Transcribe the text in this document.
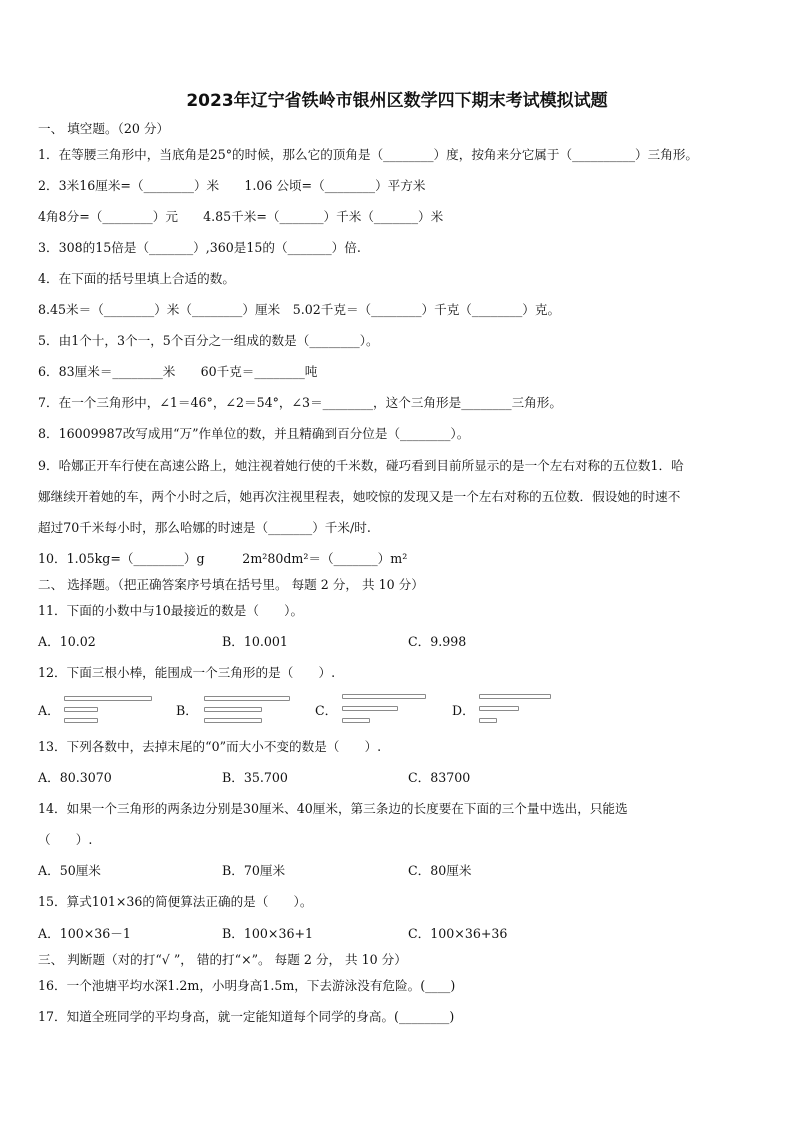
2023年辽宁省铁岭市银州区数学四下期末考试模拟试题
一、 填空题。（20 分）
1．在等腰三角形中，当底角是25°的时候，那么它的顶角是（________）度，按角来分它属于（__________）三角形。
2．3米16厘米=（________）米　　1.06 公顷=（________）平方米
4角8分=（________）元　　4.85千米=（_______）千米（_______）米
3．308的15倍是（_______）,360是15的（_______）倍.
4．在下面的括号里填上合适的数。
8.45米＝（________）米（________）厘米　5.02千克＝（________）千克（________）克。
5．由1个十，3个一，5个百分之一组成的数是（________）。
6．83厘米＝________米　　60千克＝________吨
7．在一个三角形中，∠1＝46°，∠2＝54°，∠3＝________，这个三角形是________三角形。
8．16009987改写成用“万”作单位的数，并且精确到百分位是（________）。
9．哈娜正开车行使在高速公路上，她注视着她行使的千米数，碰巧看到目前所显示的是一个左右对称的五位数1．哈
娜继续开着她的车，两个小时之后，她再次注视里程表，她咬惊的发现又是一个左右对称的五位数．假设她的时速不
超过70千米每小时，那么哈娜的时速是（_______）千米/时.
10．1.05kg=（________）g　　　2m²80dm²＝（_______）m²
二、 选择题。（把正确答案序号填在括号里。 每题 2 分， 共 10 分）
11．下面的小数中与10最接近的数是（　　）。
A．10.02	B．10.001	C．9.998
12．下面三根小棒，能围成一个三角形的是（　　）.
A．	B．	C．	D．
13．下列各数中，去掉末尾的“0”而大小不变的数是（　　）.
A．80.3070	B．35.700	C．83700
14．如果一个三角形的两条边分别是30厘米、40厘米，第三条边的长度要在下面的三个量中选出，只能选
（　　）.
A．50厘米	B．70厘米	C．80厘米
15．算式101×36的简便算法正确的是（　　）。
A．100×36－1	B．100×36+1	C．100×36+36
三、 判断题（对的打“√ ”， 错的打“×”。 每题 2 分， 共 10 分）
16．一个池塘平均水深1.2m，小明身高1.5m，下去游泳没有危险。(____)
17．知道全班同学的平均身高，就一定能知道每个同学的身高。(________)
